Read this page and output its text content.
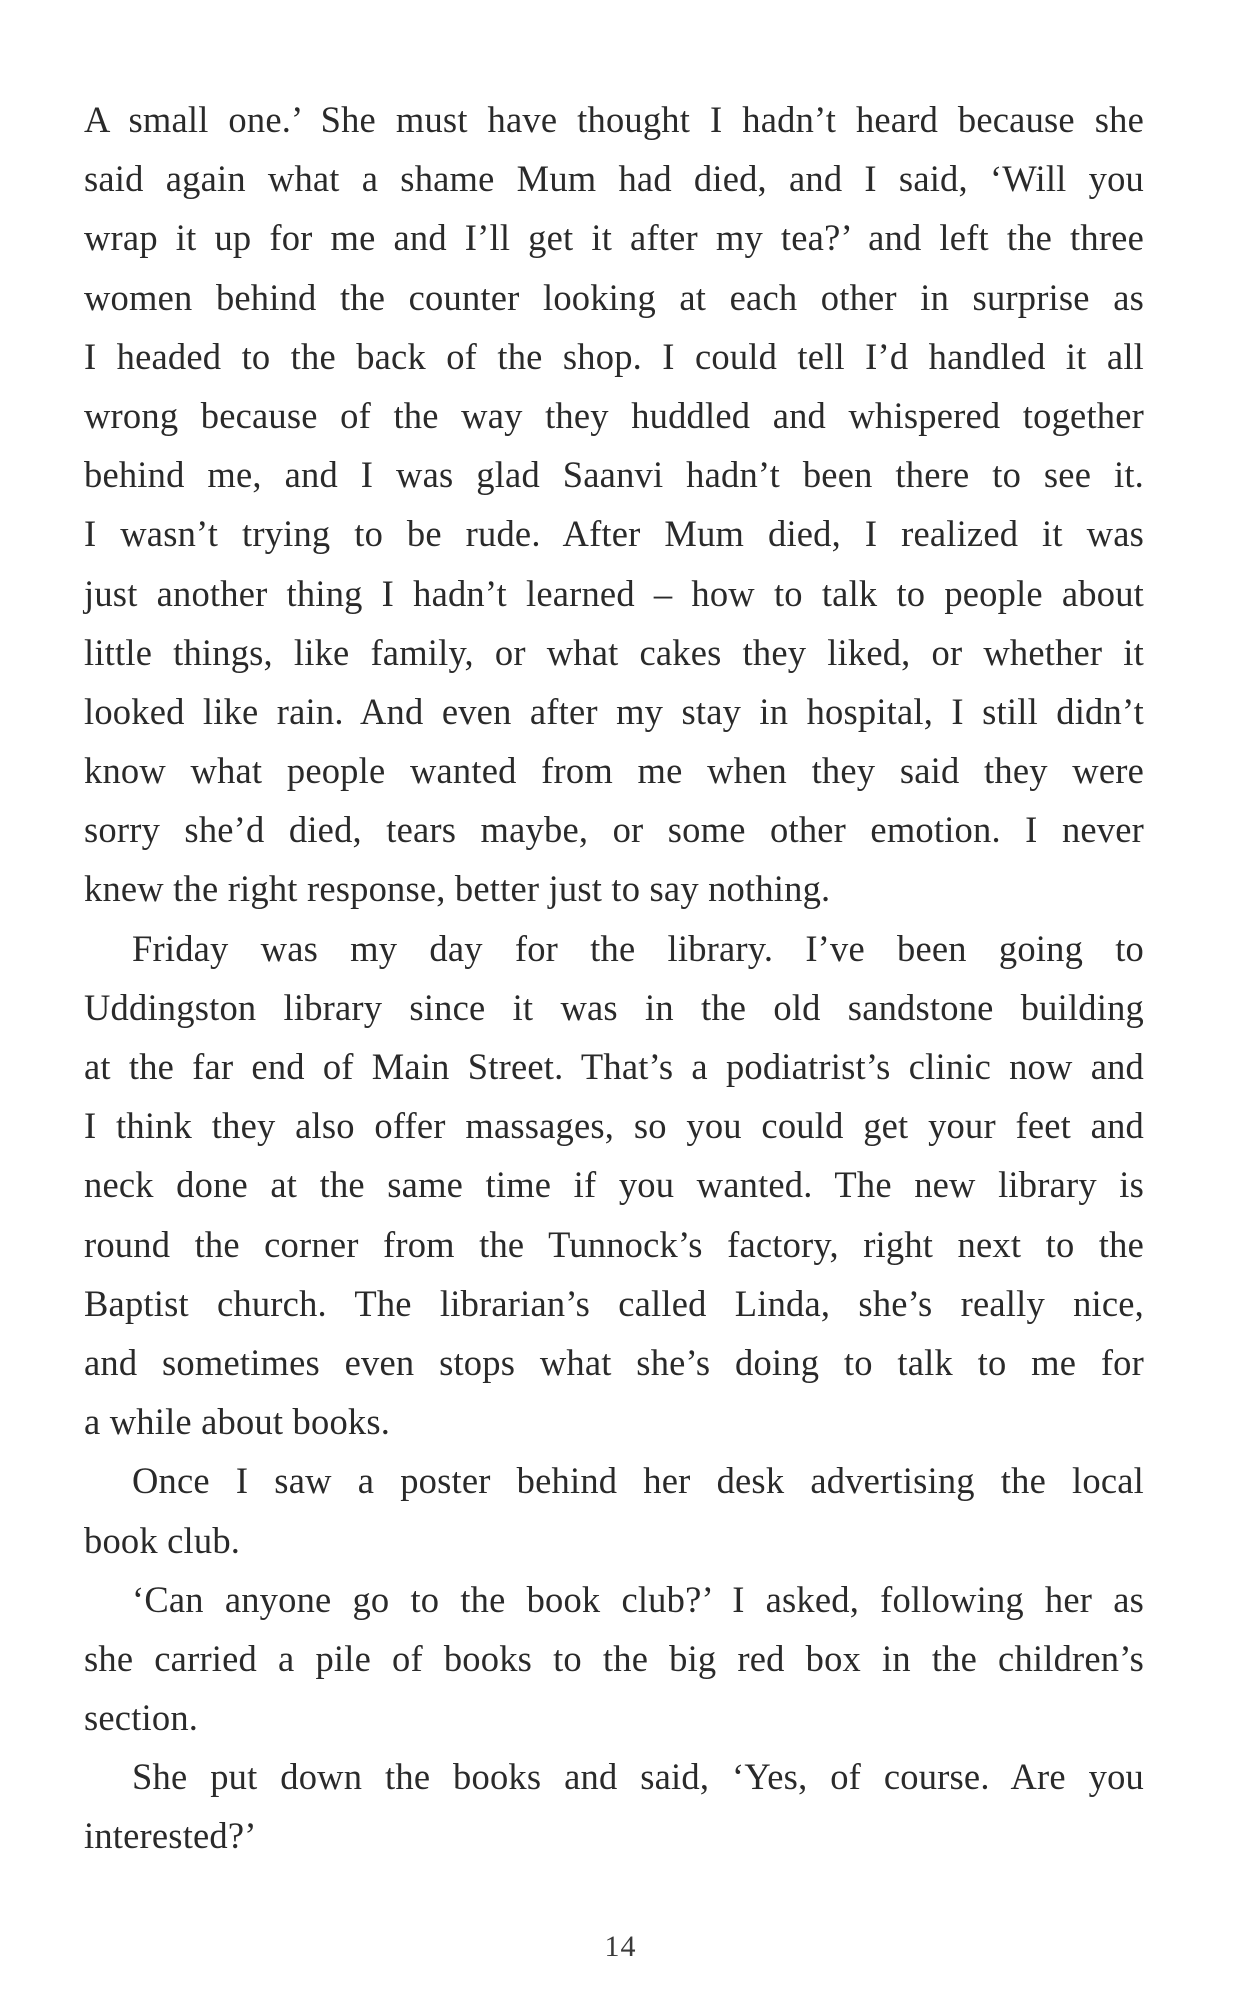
A small one.’ She must have thought I hadn’t heard because she
said again what a shame Mum had died, and I said, ‘Will you
wrap it up for me and I’ll get it after my tea?’ and left the three
women behind the counter looking at each other in surprise as
I headed to the back of the shop. I could tell I’d handled it all
wrong because of the way they huddled and whispered together
behind me, and I was glad Saanvi hadn’t been there to see it.
I wasn’t trying to be rude. After Mum died, I realized it was
just another thing I hadn’t learned – how to talk to people about
little things, like family, or what cakes they liked, or whether it
looked like rain. And even after my stay in hospital, I still didn’t
know what people wanted from me when they said they were
sorry she’d died, tears maybe, or some other emotion. I never
knew the right response, better just to say nothing.
Friday was my day for the library. I’ve been going to
Uddingston library since it was in the old sandstone building
at the far end of Main Street. That’s a podiatrist’s clinic now and
I think they also offer massages, so you could get your feet and
neck done at the same time if you wanted. The new library is
round the corner from the Tunnock’s factory, right next to the
Baptist church. The librarian’s called Linda, she’s really nice,
and sometimes even stops what she’s doing to talk to me for
a while about books.
Once I saw a poster behind her desk advertising the local
book club.
‘Can anyone go to the book club?’ I asked, following her as
she carried a pile of books to the big red box in the children’s
section.
She put down the books and said, ‘Yes, of course. Are you
interested?’
14
